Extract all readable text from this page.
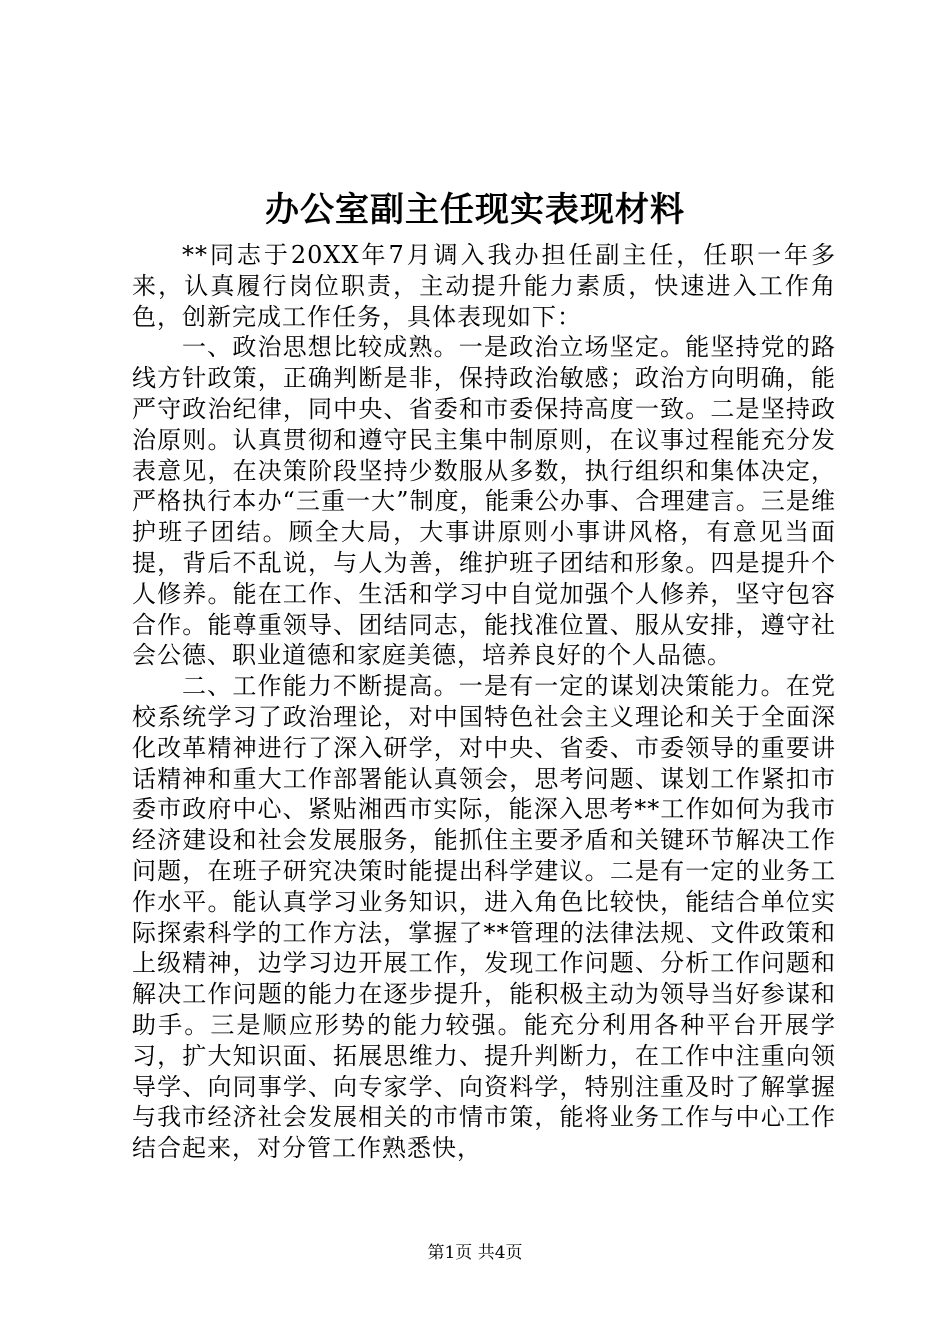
办公室副主任现实表现材料

**同志于20XX年7月调入我办担任副主任，任职一年多来，认真履行岗位职责，主动提升能力素质，快速进入工作角色，创新完成工作任务，具体表现如下：

一、政治思想比较成熟。一是政治立场坚定。能坚持党的路线方针政策，正确判断是非，保持政治敏感；政治方向明确，能严守政治纪律，同中央、省委和市委保持高度一致。二是坚持政治原则。认真贯彻和遵守民主集中制原则，在议事过程能充分发表意见，在决策阶段坚持少数服从多数，执行组织和集体决定，严格执行本办“三重一大”制度，能秉公办事、合理建言。三是维护班子团结。顾全大局，大事讲原则小事讲风格，有意见当面提，背后不乱说，与人为善，维护班子团结和形象。四是提升个人修养。能在工作、生活和学习中自觉加强个人修养，坚守包容合作。能尊重领导、团结同志，能找准位置、服从安排，遵守社会公德、职业道德和家庭美德，培养良好的个人品德。

二、工作能力不断提高。一是有一定的谋划决策能力。在党校系统学习了政治理论，对中国特色社会主义理论和关于全面深化改革精神进行了深入研学，对中央、省委、市委领导的重要讲话精神和重大工作部署能认真领会，思考问题、谋划工作紧扣市委市政府中心、紧贴湘西市实际，能深入思考**工作如何为我市经济建设和社会发展服务，能抓住主要矛盾和关键环节解决工作问题，在班子研究决策时能提出科学建议。二是有一定的业务工作水平。能认真学习业务知识，进入角色比较快，能结合单位实际探索科学的工作方法，掌握了**管理的法律法规、文件政策和上级精神，边学习边开展工作，发现工作问题、分析工作问题和解决工作问题的能力在逐步提升，能积极主动为领导当好参谋和助手。三是顺应形势的能力较强。能充分利用各种平台开展学习，扩大知识面、拓展思维力、提升判断力，在工作中注重向领导学、向同事学、向专家学、向资料学，特别注重及时了解掌握与我市经济社会发展相关的市情市策，能将业务工作与中心工作结合起来，对分管工作熟悉快，

第1页 共4页
